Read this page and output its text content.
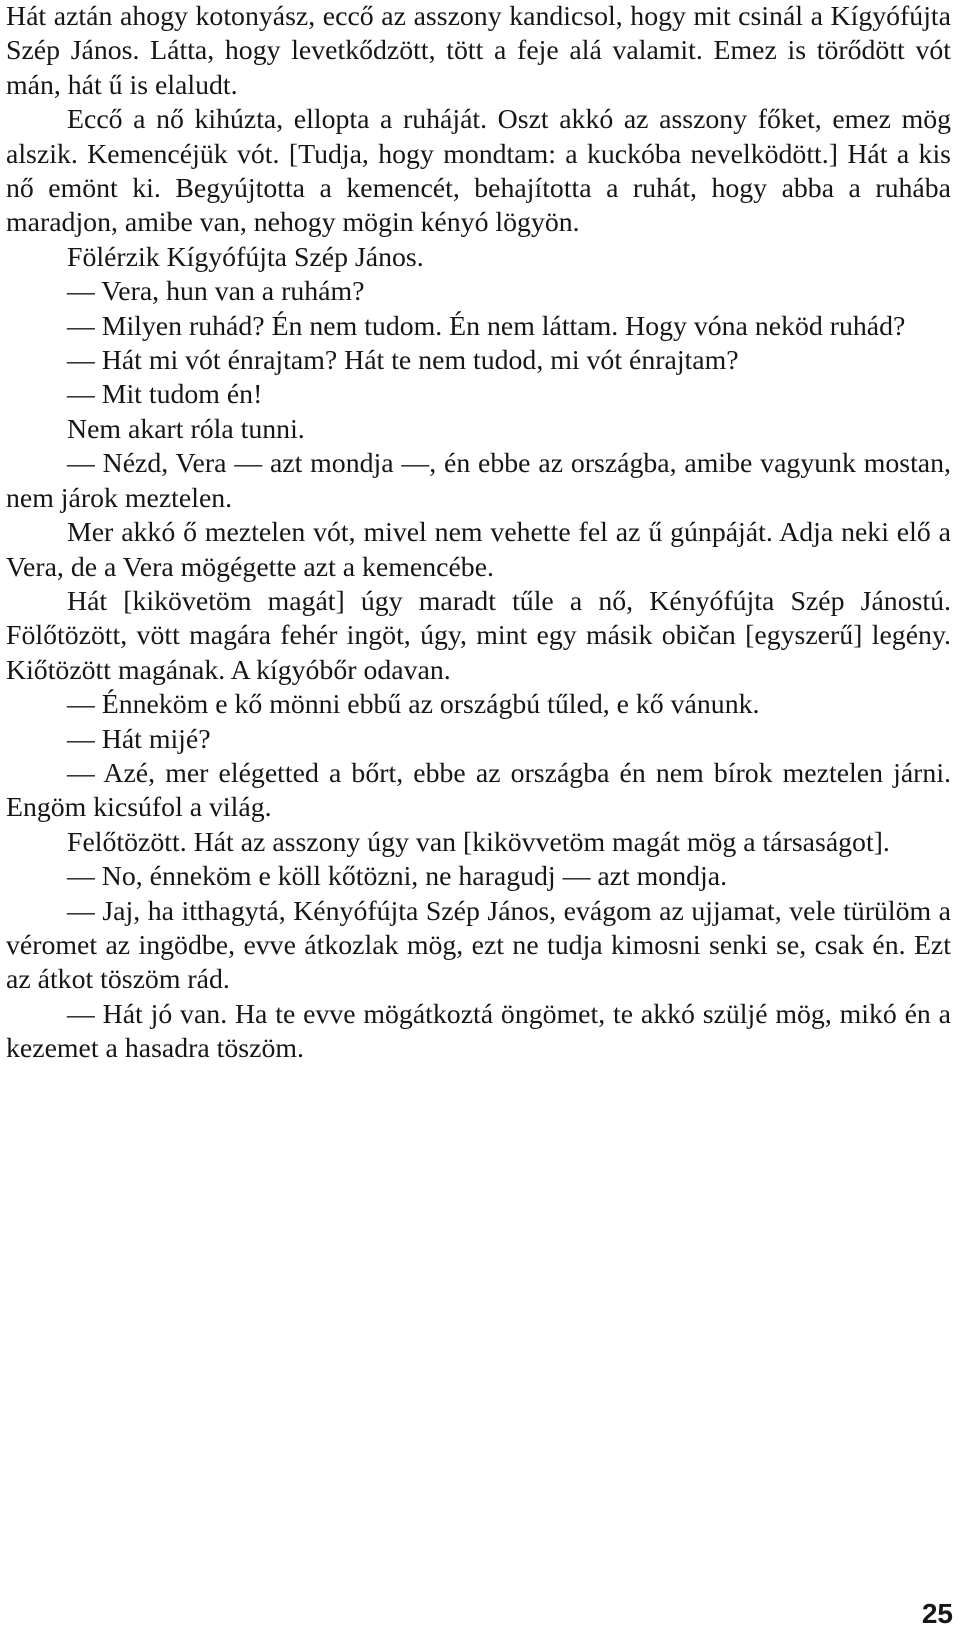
Hát aztán ahogy kotonyász, eccő az asszony kandicsol, hogy mit csinál a Kígyófújta Szép János. Látta, hogy levetkődzött, tött a feje alá valamit. Emez is törődött vót mán, hát ű is elaludt.

Eccő a nő kihúzta, ellopta a ruháját. Oszt akkó az asszony főket, emez mög alszik. Kemencéjük vót. [Tudja, hogy mondtam: a kuckóba nevelködött.] Hát a kis nő emönt ki. Begyújtotta a kemencét, behajította a ruhát, hogy abba a ruhába maradjon, amibe van, nehogy mögin kényó lögyön.

Fölérzik Kígyófújta Szép János.

— Vera, hun van a ruhám?

— Milyen ruhád? Én nem tudom. Én nem láttam. Hogy vóna neköd ruhád?

— Hát mi vót énrajtam? Hát te nem tudod, mi vót énrajtam?

— Mit tudom én!

Nem akart róla tunni.

— Nézd, Vera — azt mondja —, én ebbe az országba, amibe vagyunk mostan, nem járok meztelen.

Mer akkó ő meztelen vót, mivel nem vehette fel az ű gúnpáját. Adja neki elő a Vera, de a Vera mögégette azt a kemencébe.

Hát [kikövetöm magát] úgy maradt tűle a nő, Kényófújta Szép Jánostú. Fölőtözött, vött magára fehér ingöt, úgy, mint egy másik običan [egyszerű] legény. Kiőtözött magának. A kígyóbőr odavan.

— Énneköm e kő mönni ebbű az országbú tűled, e kő vánunk.

— Hát mijé?

— Azé, mer elégetted a bőrt, ebbe az országba én nem bírok meztelen járni. Engöm kicsúfol a világ.

Felőtözött. Hát az asszony úgy van [kikövvetöm magát mög a társaságot].

— No, énneköm e köll kőtözni, ne haragudj — azt mondja.

— Jaj, ha itthagytá, Kényófújta Szép János, evágom az ujjamat, vele türülöm a véromet az ingödbe, evve átkozlak mög, ezt ne tudja kimosni senki se, csak én. Ezt az átkot töszöm rád.

— Hát jó van. Ha te evve mögátkoztá öngömet, te akkó szüljé mög, mikó én a kezemet a hasadra töszöm.

25
